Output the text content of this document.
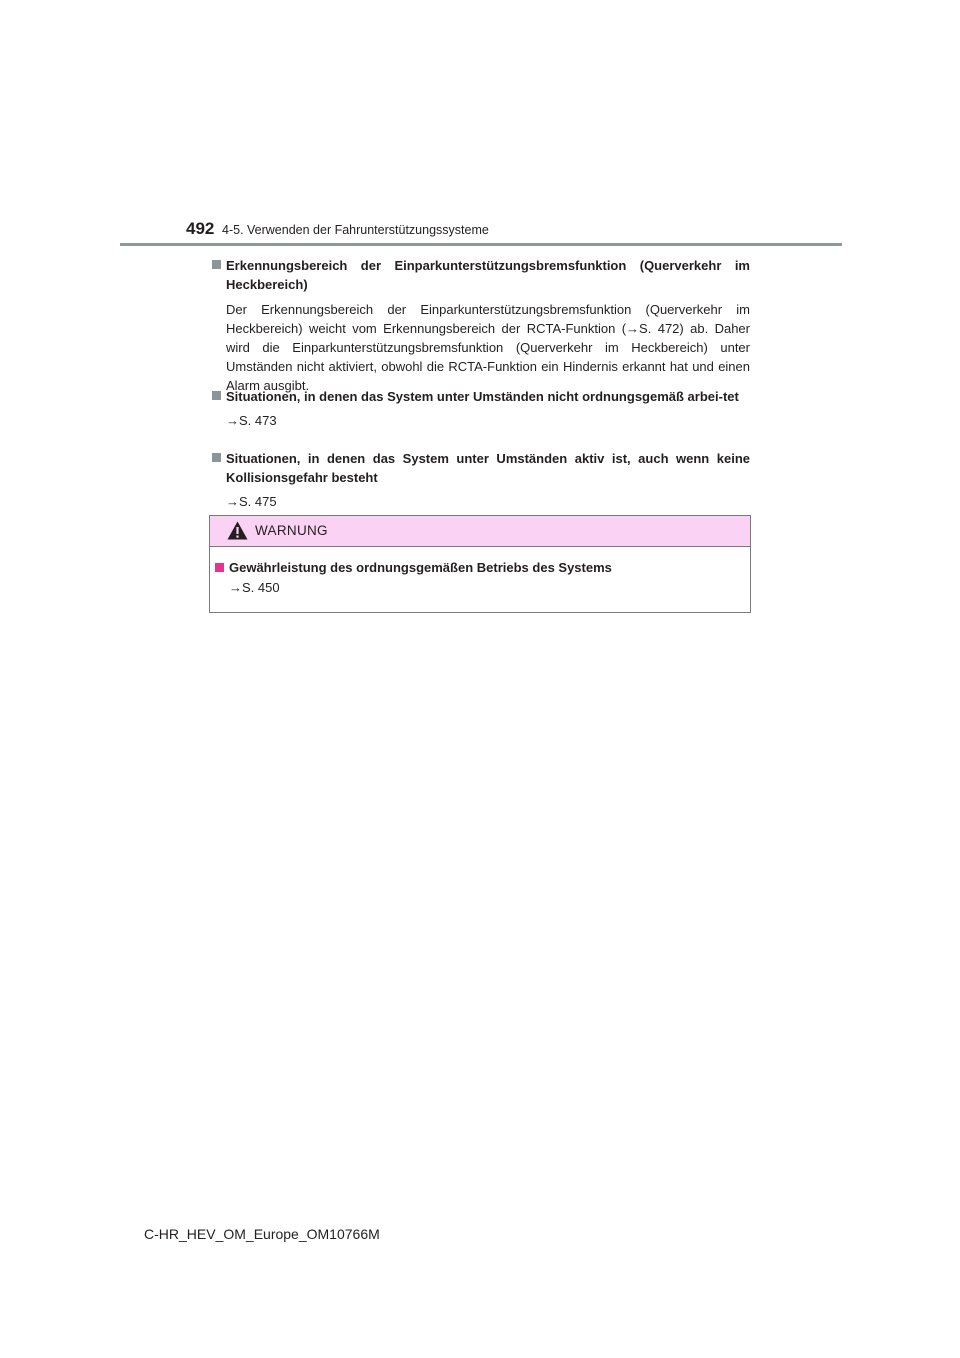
492 4-5. Verwenden der Fahrunterstützungssysteme
Erkennungsbereich der Einparkunterstützungsbremsfunktion (Querverkehr im Heckbereich)
Der Erkennungsbereich der Einparkunterstützungsbremsfunktion (Querverkehr im Heckbereich) weicht vom Erkennungsbereich der RCTA-Funktion (→S. 472) ab. Daher wird die Einparkunterstützungsbremsfunktion (Querverkehr im Heckbereich) unter Umständen nicht aktiviert, obwohl die RCTA-Funktion ein Hindernis erkannt hat und einen Alarm ausgibt.
Situationen, in denen das System unter Umständen nicht ordnungsgemäß arbei-tet
→S. 473
Situationen, in denen das System unter Umständen aktiv ist, auch wenn keine Kollisionsgefahr besteht
→S. 475
WARNUNG
Gewährleistung des ordnungsgemäßen Betriebs des Systems
→S. 450
C-HR_HEV_OM_Europe_OM10766M
